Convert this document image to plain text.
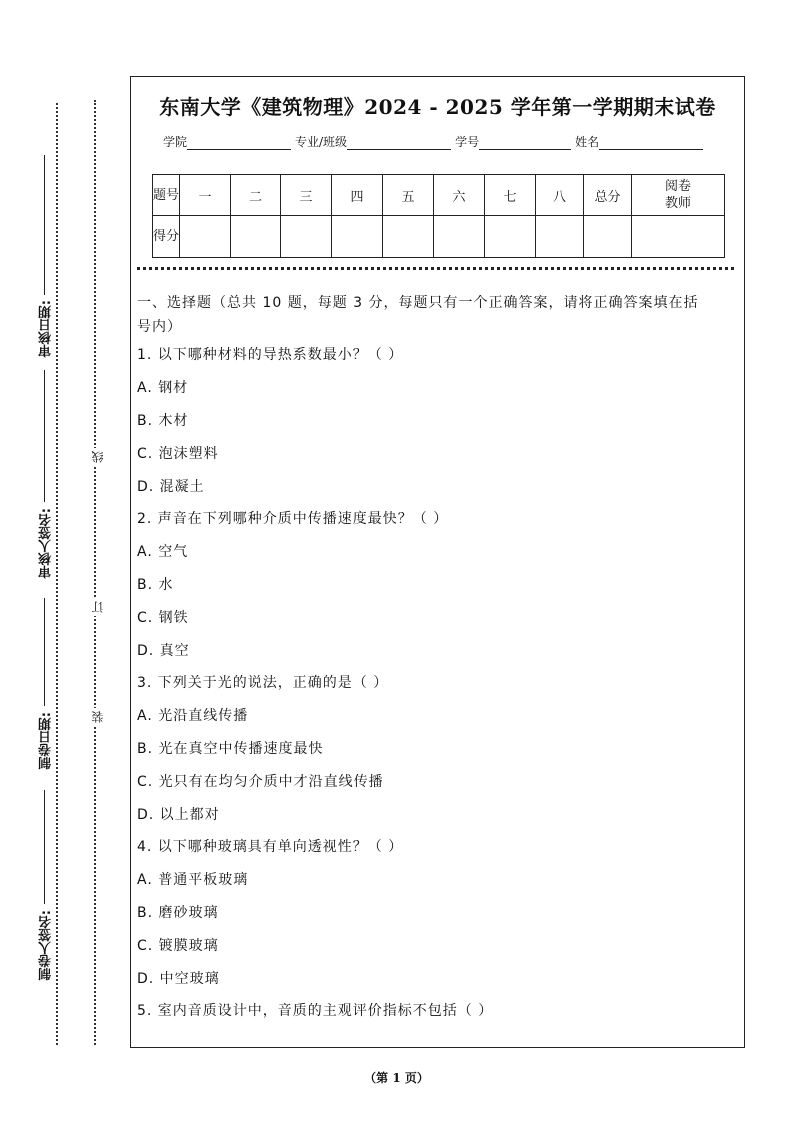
审核日期:
审核人签名:
制卷日期:
制卷人签名:
线
订
装
东南大学《建筑物理》2024 - 2025 学年第一学期期末试卷
学院	专业/班级	学号	姓名
题号	一	二	三	四	五	六	七	八	总分	阅卷教师
得分										
一、选择题（总共 10 题，每题 3 分，每题只有一个正确答案，请将正确答案填在括
号内）
1. 以下哪种材料的导热系数最小？（ ）
A. 钢材
B. 木材
C. 泡沫塑料
D. 混凝土
2. 声音在下列哪种介质中传播速度最快？（ ）
A. 空气
B. 水
C. 钢铁
D. 真空
3. 下列关于光的说法，正确的是（ ）
A. 光沿直线传播
B. 光在真空中传播速度最快
C. 光只有在均匀介质中才沿直线传播
D. 以上都对
4. 以下哪种玻璃具有单向透视性？（ ）
A. 普通平板玻璃
B. 磨砂玻璃
C. 镀膜玻璃
D. 中空玻璃
5. 室内音质设计中，音质的主观评价指标不包括（ ）
（第 1 页）
